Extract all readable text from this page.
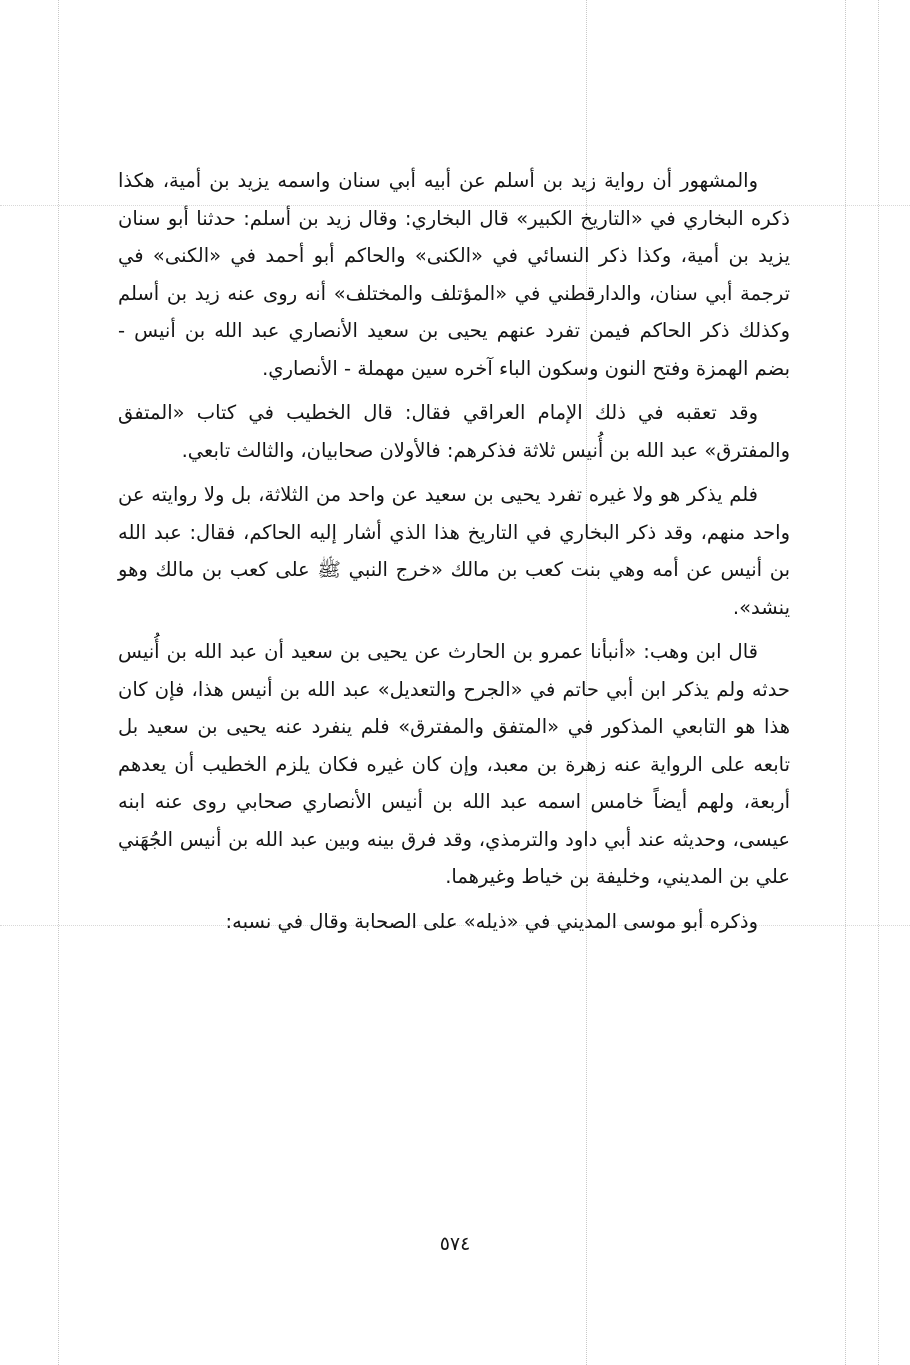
والمشهور أن رواية زيد بن أسلم عن أبيه أبي سنان واسمه يزيد بن أمية، هكذا ذكره البخاري في «التاريخ الكبير» قال البخاري: وقال زيد بن أسلم: حدثنا أبو سنان يزيد بن أمية، وكذا ذكر النسائي في «الكنى» والحاكم أبو أحمد في «الكنى» في ترجمة أبي سنان، والدارقطني في «المؤتلف والمختلف» أنه روى عنه زيد بن أسلم وكذلك ذكر الحاكم فيمن تفرد عنهم يحيى بن سعيد الأنصاري عبد الله بن أنيس - بضم الهمزة وفتح النون وسكون الباء آخره سين مهملة - الأنصاري.

وقد تعقبه في ذلك الإمام العراقي فقال: قال الخطيب في كتاب «المتفق والمفترق» عبد الله بن أُنيس ثلاثة فذكرهم: فالأولان صحابيان، والثالث تابعي.

فلم يذكر هو ولا غيره تفرد يحيى بن سعيد عن واحد من الثلاثة، بل ولا روايته عن واحد منهم، وقد ذكر البخاري في التاريخ هذا الذي أشار إليه الحاكم، فقال: عبد الله بن أنيس عن أمه وهي بنت كعب بن مالك «خرج النبي ﷺ على كعب بن مالك وهو ينشد».

قال ابن وهب: «أنبأنا عمرو بن الحارث عن يحيى بن سعيد أن عبد الله بن أُنيس حدثه ولم يذكر ابن أبي حاتم في «الجرح والتعديل» عبد الله بن أنيس هذا، فإن كان هذا هو التابعي المذكور في «المتفق والمفترق» فلم ينفرد عنه يحيى بن سعيد بل تابعه على الرواية عنه زهرة بن معبد، وإن كان غيره فكان يلزم الخطيب أن يعدهم أربعة، ولهم أيضاً خامس اسمه عبد الله بن أنيس الأنصاري صحابي روى عنه ابنه عيسى، وحديثه عند أبي داود والترمذي، وقد فرق بينه وبين عبد الله بن أنيس الجُهَني علي بن المديني، وخليفة بن خياط وغيرهما.

وذكره أبو موسى المديني في «ذيله» على الصحابة وقال في نسبه:

٥٧٤
